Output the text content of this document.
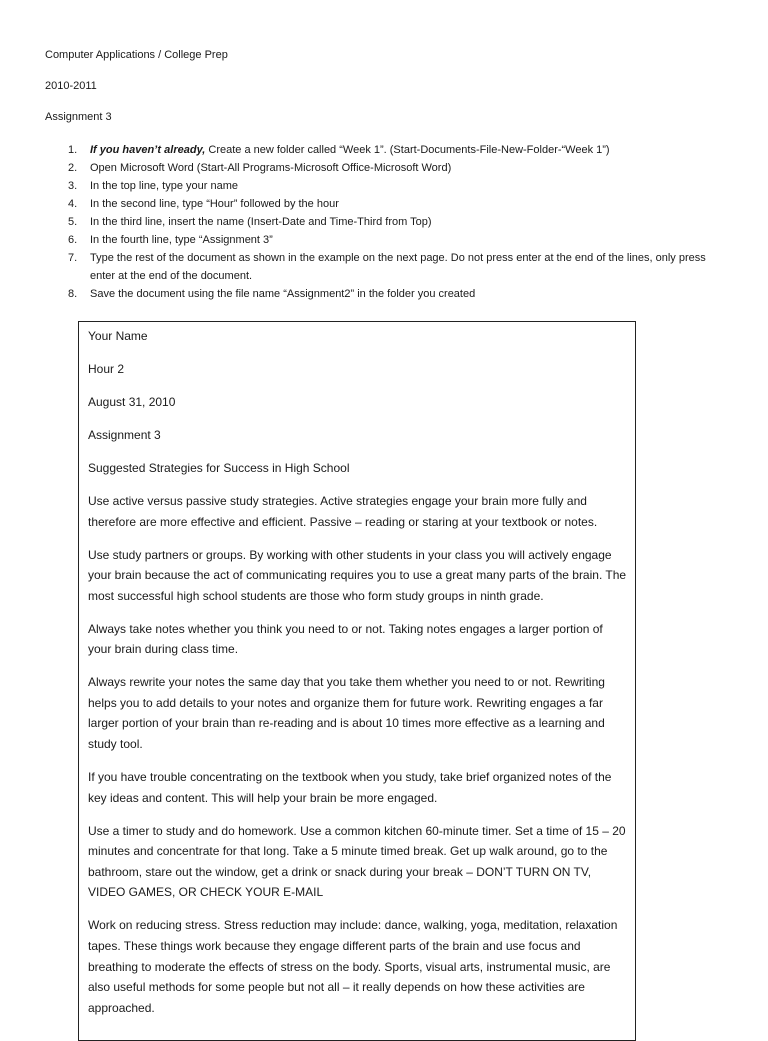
Computer Applications / College Prep
2010-2011
Assignment 3
1.	If you haven’t already, Create a new folder called “Week 1”. (Start-Documents-File-New-Folder-“Week 1”)
2.	Open Microsoft Word (Start-All Programs-Microsoft Office-Microsoft Word)
3.	In the top line, type your name
4.	In the second line, type “Hour” followed by the hour
5.	In the third line, insert the name (Insert-Date and Time-Third from Top)
6.	In the fourth line, type “Assignment 3”
7.	Type the rest of the document as shown in the example on the next page. Do not press enter at the end of the lines, only press enter at the end of the document.
8.	Save the document using the file name “Assignment2” in the folder you created

Your Name

Hour 2

August 31, 2010

Assignment 3

Suggested Strategies for Success in High School

Use active versus passive study strategies. Active strategies engage your brain more fully and therefore are more effective and efficient. Passive – reading or staring at your textbook or notes.

Use study partners or groups. By working with other students in your class you will actively engage your brain because the act of communicating requires you to use a great many parts of the brain. The most successful high school students are those who form study groups in ninth grade.

Always take notes whether you think you need to or not. Taking notes engages a larger portion of your brain during class time.

Always rewrite your notes the same day that you take them whether you need to or not. Rewriting helps you to add details to your notes and organize them for future work. Rewriting engages a far larger portion of your brain than re-reading and is about 10 times more effective as a learning and study tool.

If you have trouble concentrating on the textbook when you study, take brief organized notes of the key ideas and content. This will help your brain be more engaged.

Use a timer to study and do homework. Use a common kitchen 60-minute timer. Set a time of 15 – 20 minutes and concentrate for that long. Take a 5 minute timed break. Get up walk around, go to the bathroom, stare out the window, get a drink or snack during your break – DON’T TURN ON TV, VIDEO GAMES, OR CHECK YOUR E-MAIL

Work on reducing stress. Stress reduction may include: dance, walking, yoga, meditation, relaxation tapes. These things work because they engage different parts of the brain and use focus and breathing to moderate the effects of stress on the body. Sports, visual arts, instrumental music, are also useful methods for some people but not all – it really depends on how these activities are approached.
